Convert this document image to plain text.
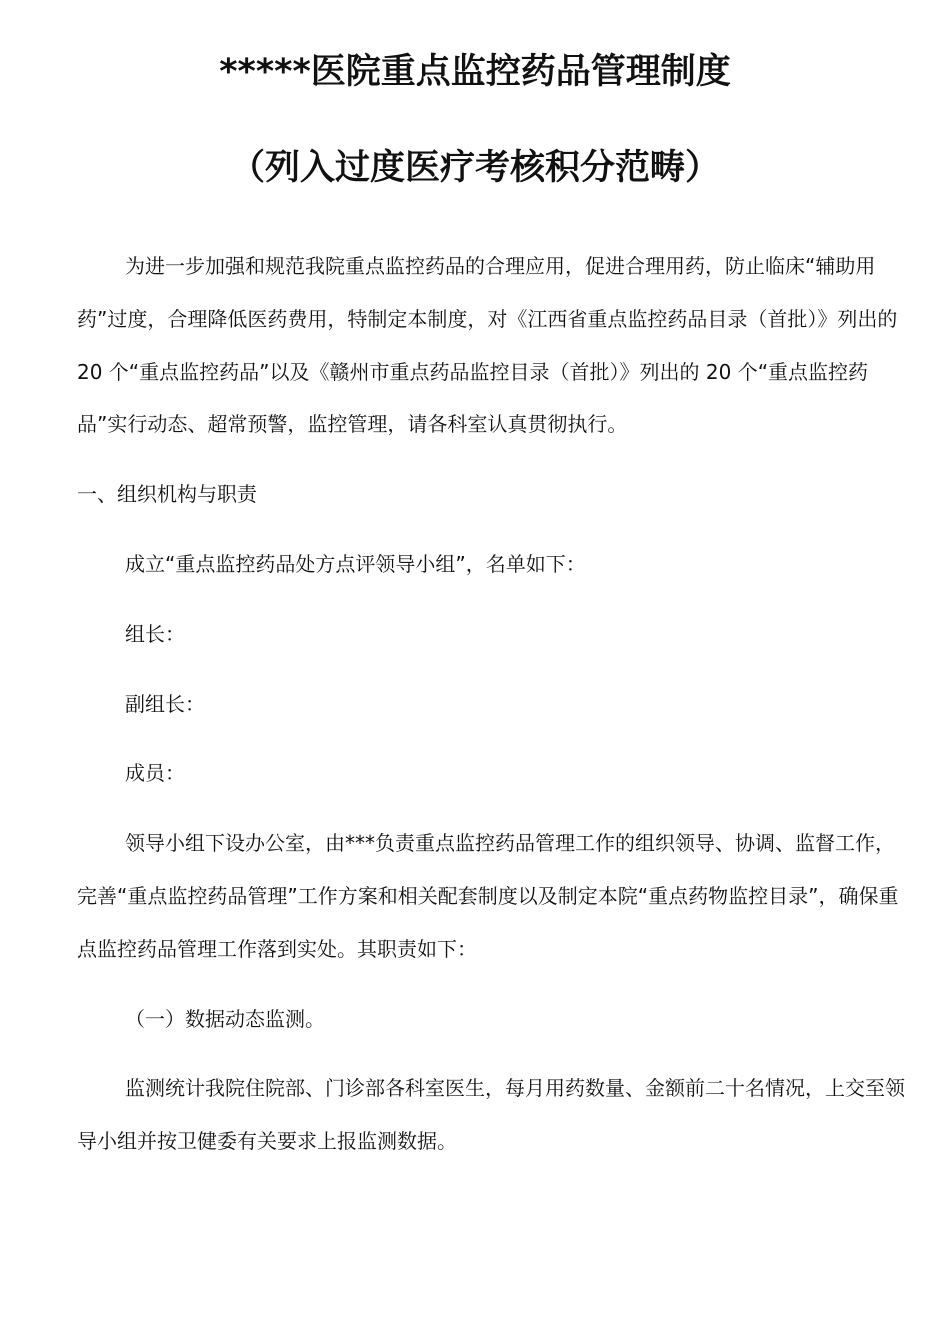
*****医院重点监控药品管理制度
（列入过度医疗考核积分范畴）

为进一步加强和规范我院重点监控药品的合理应用，促进合理用药，防止临床“辅助用药”过度，合理降低医药费用，特制定本制度，对《江西省重点监控药品目录（首批）》列出的 20 个“重点监控药品”以及《赣州市重点药品监控目录（首批）》列出的 20 个“重点监控药品”实行动态、超常预警，监控管理，请各科室认真贯彻执行。

一、组织机构与职责

成立“重点监控药品处方点评领导小组”，名单如下：

组长：

副组长：

成员：

领导小组下设办公室，由***负责重点监控药品管理工作的组织领导、协调、监督工作，完善“重点监控药品管理”工作方案和相关配套制度以及制定本院“重点药物监控目录”，确保重点监控药品管理工作落到实处。其职责如下：

（一）数据动态监测。

监测统计我院住院部、门诊部各科室医生，每月用药数量、金额前二十名情况，上交至领导小组并按卫健委有关要求上报监测数据。
